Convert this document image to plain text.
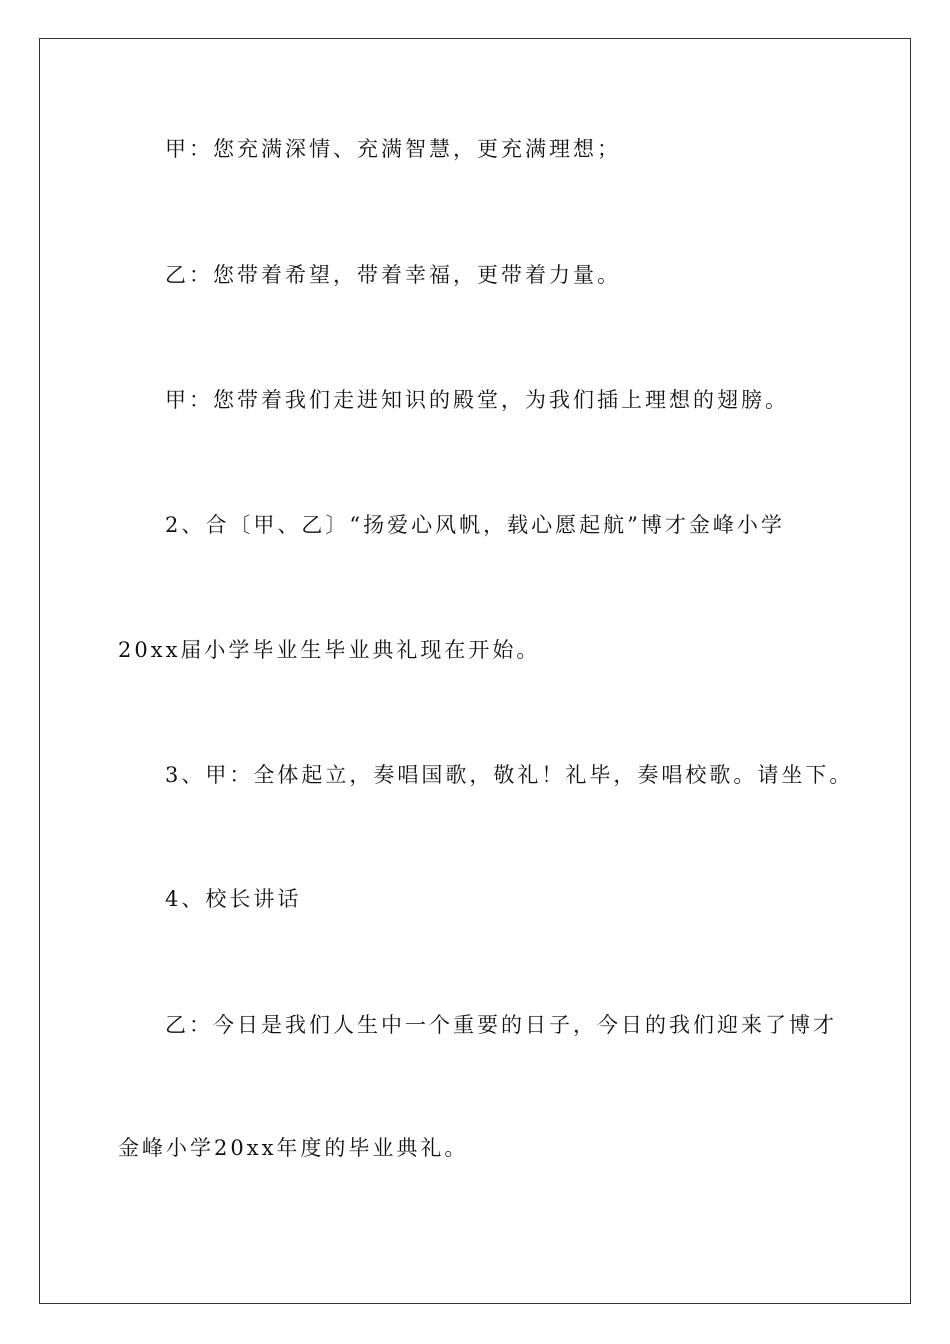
甲：您充满深情、充满智慧，更充满理想；
乙：您带着希望，带着幸福，更带着力量。
甲：您带着我们走进知识的殿堂，为我们插上理想的翅膀。
2、合〔甲、乙〕“扬爱心风帆，载心愿起航”博才金峰小学
20xx届小学毕业生毕业典礼现在开始。
3、甲：全体起立，奏唱国歌，敬礼！礼毕，奏唱校歌。请坐下。
4、校长讲话
乙：今日是我们人生中一个重要的日子，今日的我们迎来了博才
金峰小学20xx年度的毕业典礼。
